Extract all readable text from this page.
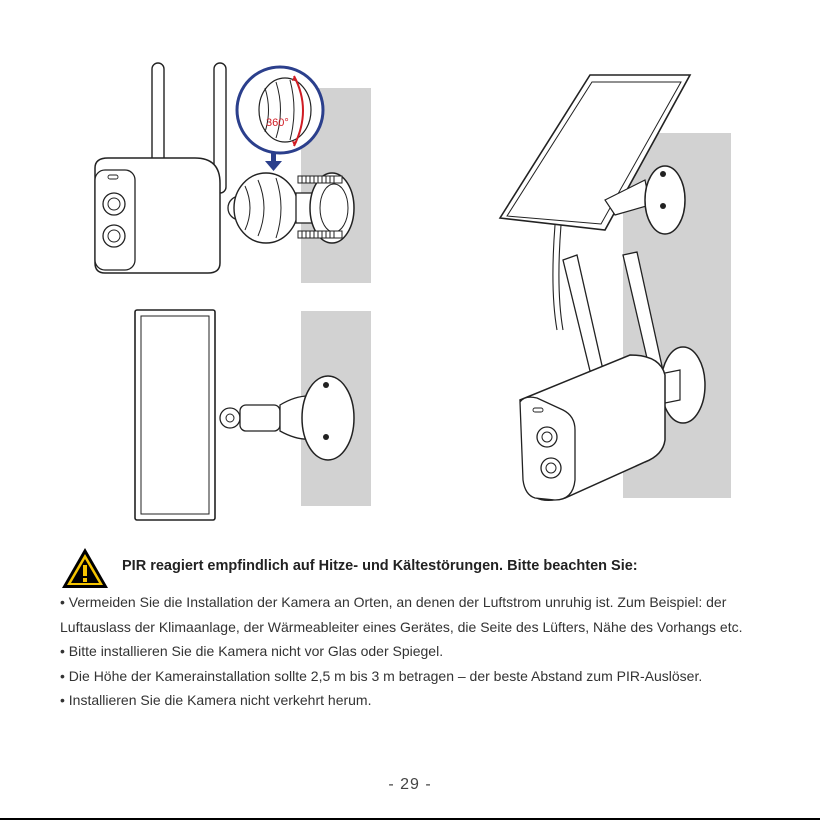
360°
PIR reagiert empfindlich auf Hitze- und Kältestörungen. Bitte beachten Sie:

• Vermeiden Sie die Installation der Kamera an Orten, an denen der Luftstrom unruhig ist. Zum Beispiel: der Luftauslass der Klimaanlage, der Wärmeableiter eines Gerätes, die Seite des Lüfters, Nähe des Vorhangs etc.

• Bitte installieren Sie die Kamera nicht vor Glas oder Spiegel.

• Die Höhe der Kamerainstallation sollte 2,5 m bis 3 m betragen – der beste Abstand zum PIR-Auslöser.

• Installieren Sie die Kamera nicht verkehrt herum.

- 29 -
